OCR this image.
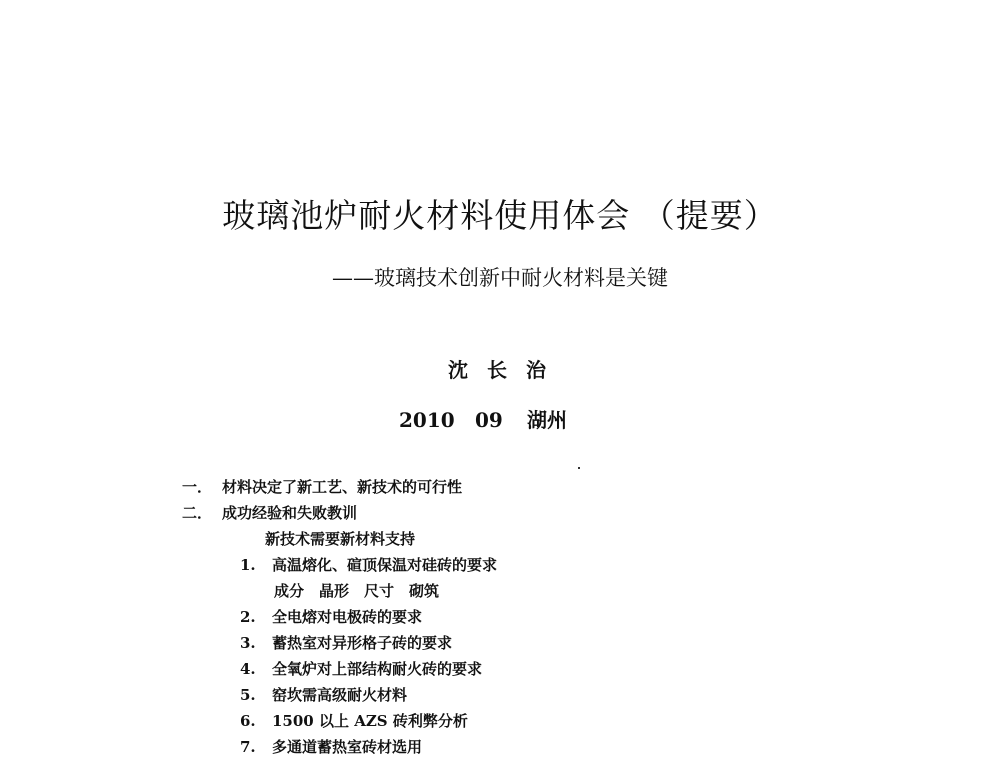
玻璃池炉耐火材料使用体会 （提要）
——玻璃技术创新中耐火材料是关键
沈 长 治
2010 09 湖州
一． 材料决定了新工艺、新技术的可行性
二． 成功经验和失败教训
新技术需要新材料支持
1. 高温熔化、碹顶保温对硅砖的要求
成分　晶形　尺寸　砌筑
2. 全电熔对电极砖的要求
3. 蓄热室对异形格子砖的要求
4. 全氧炉对上部结构耐火砖的要求
5. 窑坎需高级耐火材料
6. 1500 以上 AZS 砖利弊分析
7. 多通道蓄热室砖材选用
